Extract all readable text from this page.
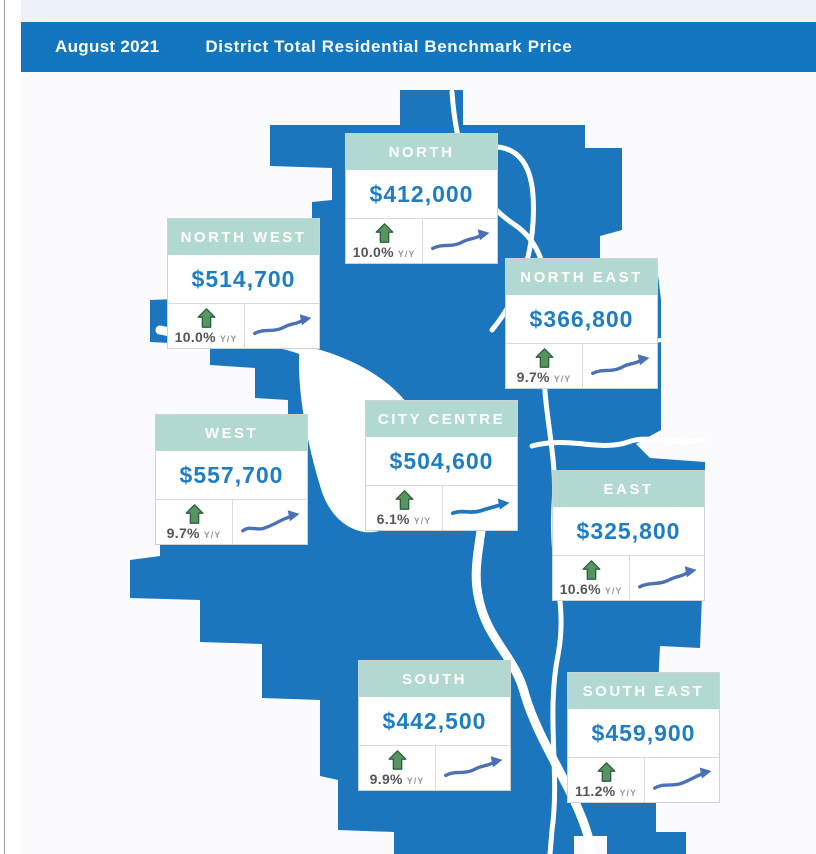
August 2021	District Total Residential Benchmark Price
NORTH
$412,000
10.0% Y/Y
NORTH WEST
$514,700
10.0% Y/Y
NORTH EAST
$366,800
9.7% Y/Y
WEST
$557,700
9.7% Y/Y
CITY CENTRE
$504,600
6.1% Y/Y
EAST
$325,800
10.6% Y/Y
SOUTH
$442,500
9.9% Y/Y
SOUTH EAST
$459,900
11.2% Y/Y
